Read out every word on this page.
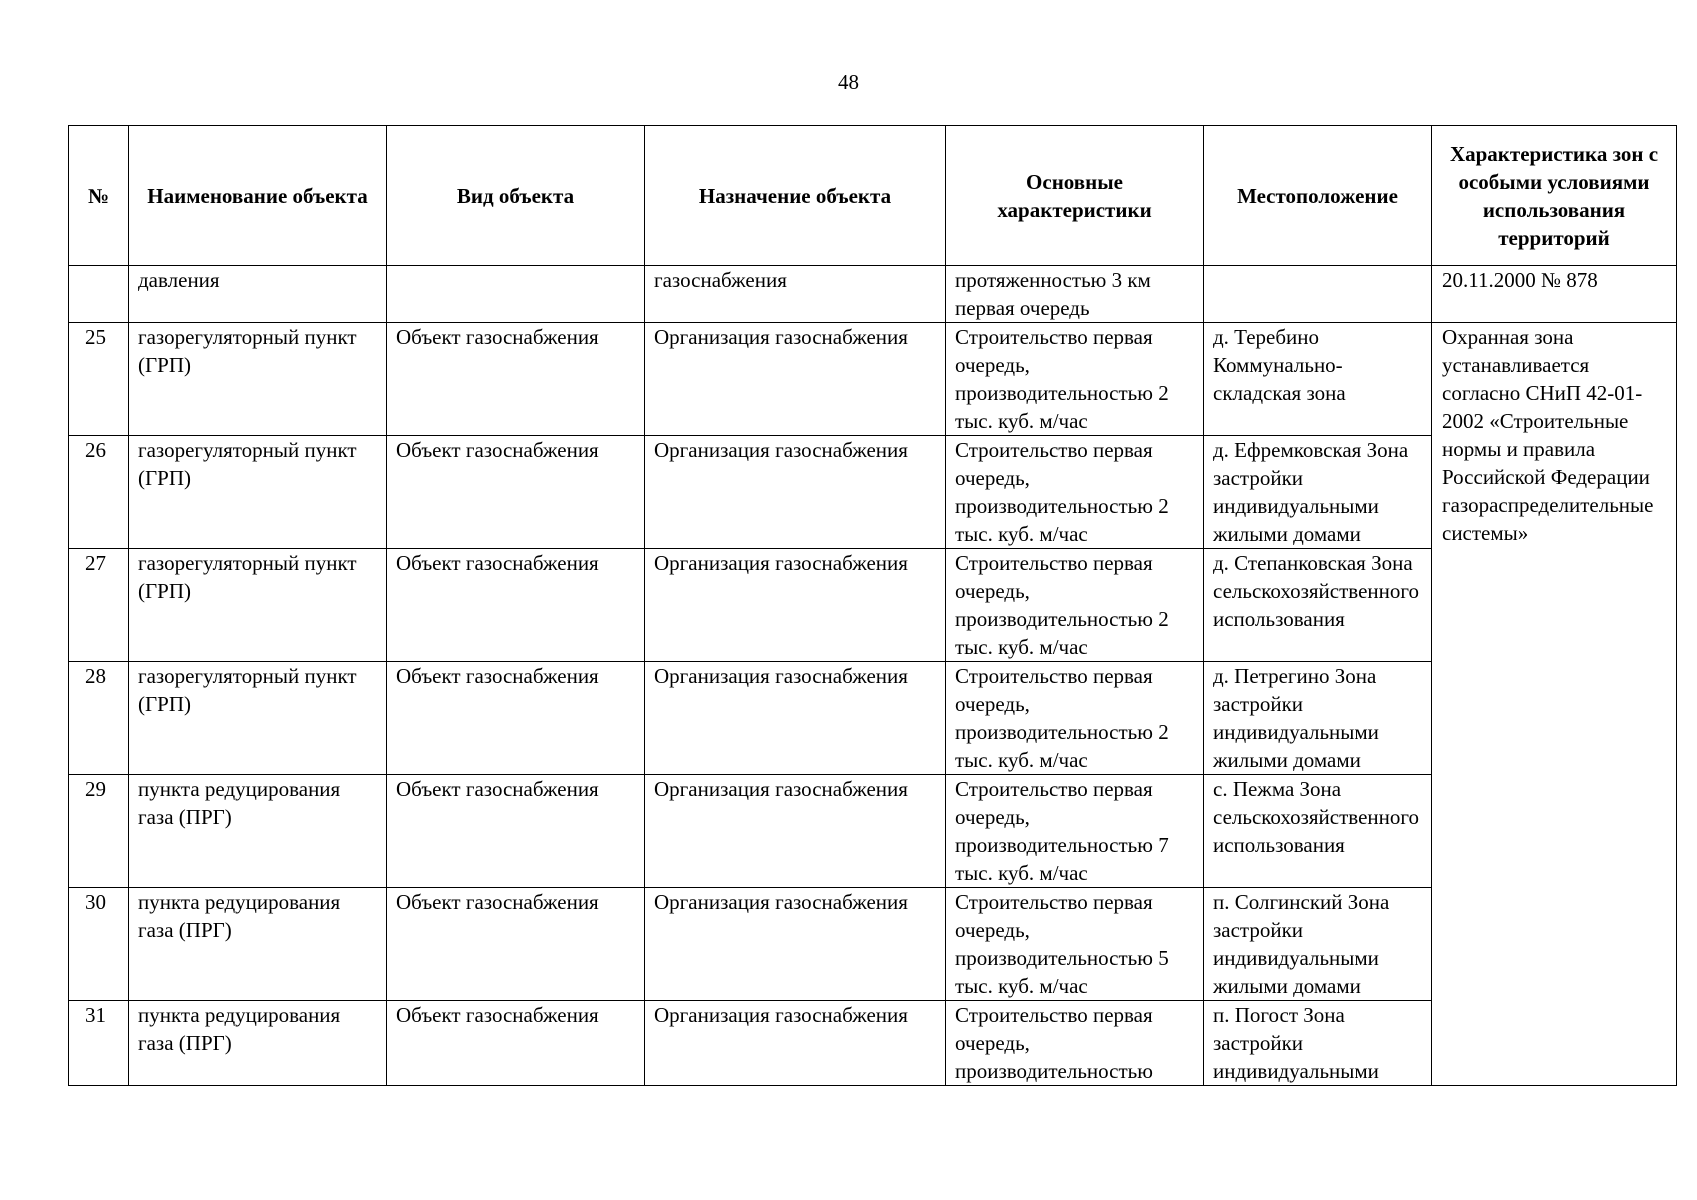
48
№	Наименование объекта	Вид объекта	Назначение объекта	Основные характеристики	Местоположение	Характеристика зон с особыми условиями использования территорий
	давления		газоснабжения	протяженностью 3 км первая очередь		20.11.2000 № 878
25	газорегуляторный пункт (ГРП)	Объект газоснабжения	Организация газоснабжения	Строительство первая очередь, производительностью 2 тыс. куб. м/час	д. Теребино Коммунально-складская зона	Охранная зона устанавливается согласно СНиП 42-01-2002 «Строительные нормы и правила Российской Федерации газораспределительные системы»
26	газорегуляторный пункт (ГРП)	Объект газоснабжения	Организация газоснабжения	Строительство первая очередь, производительностью 2 тыс. куб. м/час	д. Ефремковская Зона застройки индивидуальными жилыми домами	
27	газорегуляторный пункт (ГРП)	Объект газоснабжения	Организация газоснабжения	Строительство первая очередь, производительностью 2 тыс. куб. м/час	д. Степанковская Зона сельскохозяйственного использования	
28	газорегуляторный пункт (ГРП)	Объект газоснабжения	Организация газоснабжения	Строительство первая очередь, производительностью 2 тыс. куб. м/час	д. Петрегино Зона застройки индивидуальными жилыми домами	
29	пункта редуцирования газа (ПРГ)	Объект газоснабжения	Организация газоснабжения	Строительство первая очередь, производительностью 7 тыс. куб. м/час	с. Пежма Зона сельскохозяйственного использования	
30	пункта редуцирования газа (ПРГ)	Объект газоснабжения	Организация газоснабжения	Строительство первая очередь, производительностью 5 тыс. куб. м/час	п. Солгинский Зона застройки индивидуальными жилыми домами	

31	пункта редуцирования газа (ПРГ)	Объект газоснабжения	Организация газоснабжения	Строительство первая очередь, производительностью	п. Погост Зона застройки индивидуальными	
